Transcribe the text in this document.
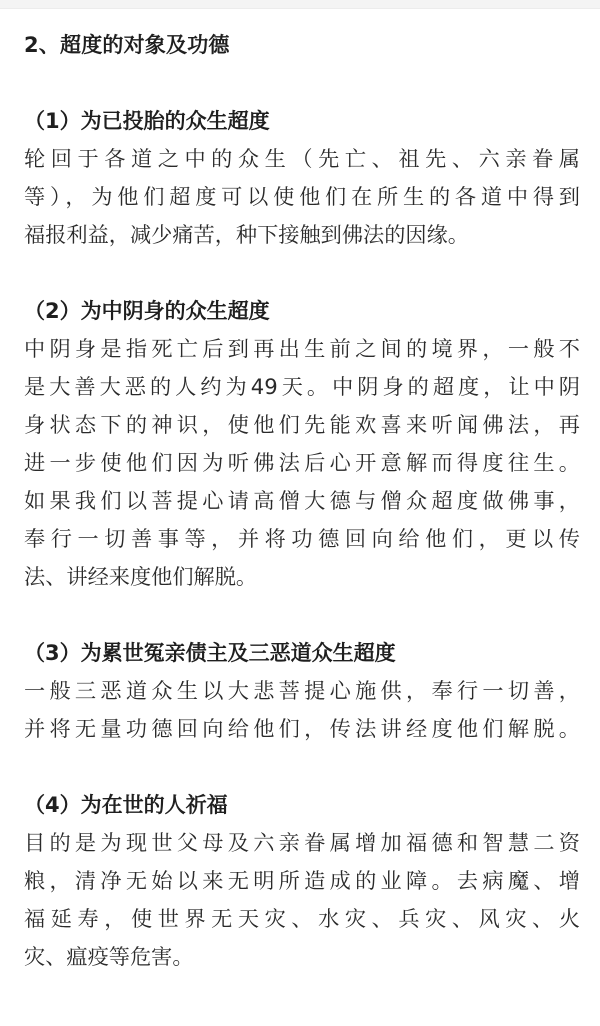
2、超度的对象及功德
（1）为已投胎的众生超度
轮回于各道之中的众生（先亡、祖先、六亲眷属
等），为他们超度可以使他们在所生的各道中得到
福报利益，减少痛苦，种下接触到佛法的因缘。
（2）为中阴身的众生超度
中阴身是指死亡后到再出生前之间的境界，一般不
是大善大恶的人约为49天。中阴身的超度，让中阴
身状态下的神识，使他们先能欢喜来听闻佛法，再
进一步使他们因为听佛法后心开意解而得度往生。
如果我们以菩提心请高僧大德与僧众超度做佛事，
奉行一切善事等，并将功德回向给他们，更以传
法、讲经来度他们解脱。
（3）为累世冤亲债主及三恶道众生超度
一般三恶道众生以大悲菩提心施供，奉行一切善，
并将无量功德回向给他们，传法讲经度他们解脱。
（4）为在世的人祈福
目的是为现世父母及六亲眷属增加福德和智慧二资
粮，清净无始以来无明所造成的业障。去病魔、增
福延寿，使世界无天灾、水灾、兵灾、风灾、火
灾、瘟疫等危害。
